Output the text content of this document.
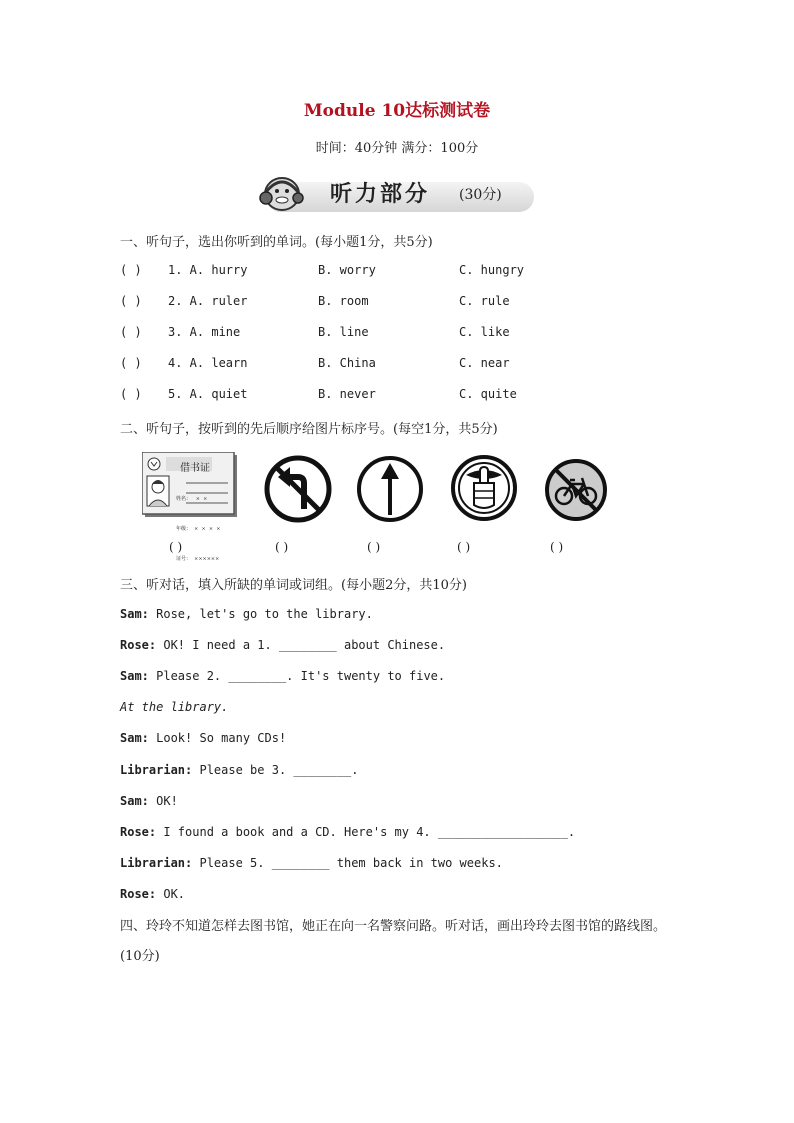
Module 10达标测试卷
时间：40分钟 满分：100分
听力部分 (30分)
一、听句子，选出你听到的单词。(每小题1分，共5分)
( ) 1. A. hurry	B. worry	C. hungry
( ) 2. A. ruler	B. room	C. rule
( ) 3. A. mine	B. line	C. like
( ) 4. A. learn	B. China	C. near
( ) 5. A. quiet	B. never	C. quite
二、听句子，按听到的先后顺序给图片标序号。(每空1分，共5分)
借书证

姓名：   ×  ×

年级：  ×  ×  ×  ×

证号：  ××××××

( )	( )	( )	( )	( )
三、听对话，填入所缺的单词或词组。(每小题2分，共10分)
Sam: Rose, let's go to the library.
Rose: OK! I need a 1. ________ about Chinese.
Sam: Please 2. ________. It's twenty to five.
At the library.
Sam: Look! So many CDs!
Librarian: Please be 3. ________.
Sam: OK!
Rose: I found a book and a CD. Here's my 4. __________________.
Librarian: Please 5. ________ them back in two weeks.
Rose: OK.
四、玲玲不知道怎样去图书馆，她正在向一名警察问路。听对话，画出玲玲去图书馆的路线图。(10分)
